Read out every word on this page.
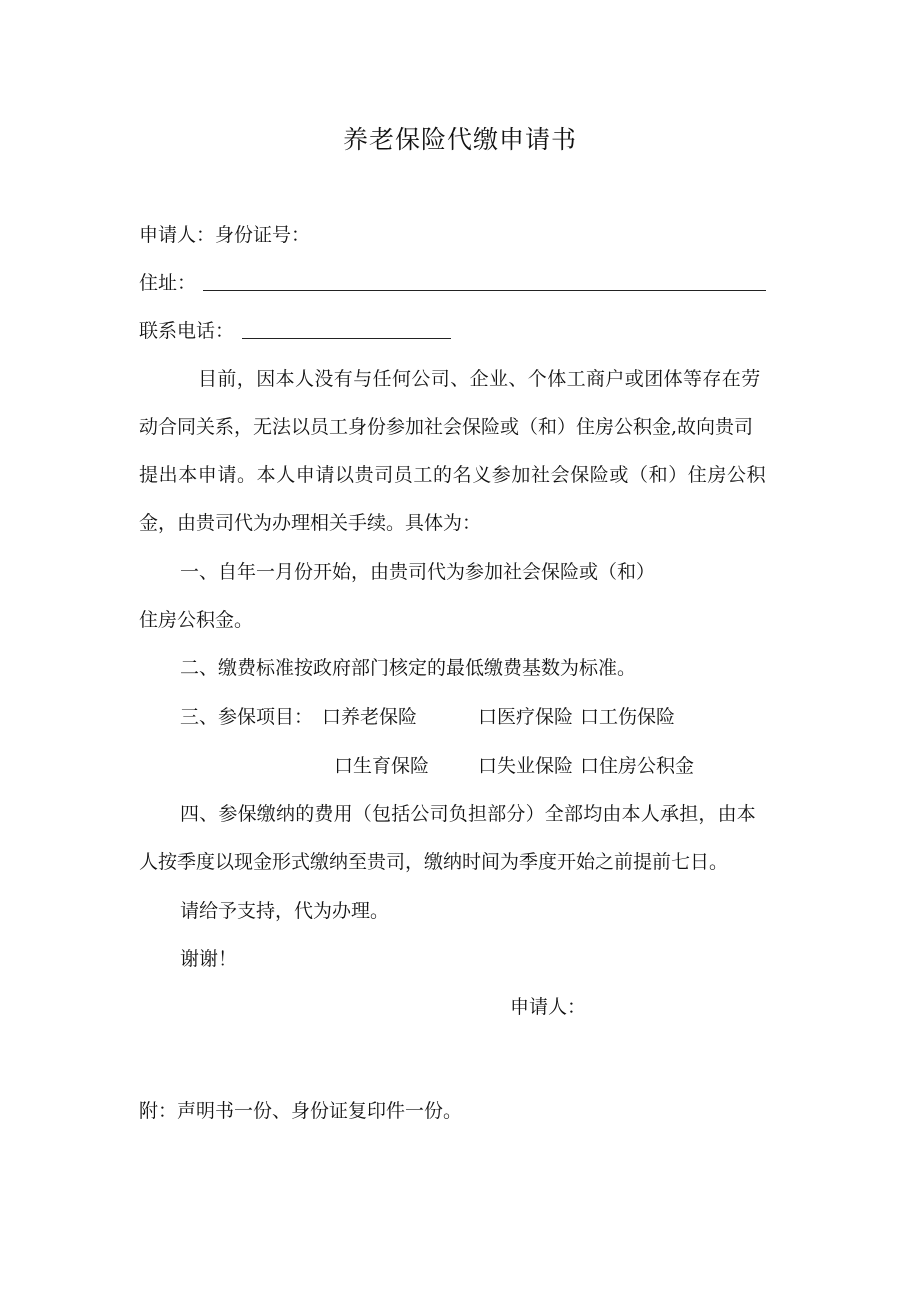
养老保险代缴申请书
申请人：身份证号：
住址：
联系电话：
目前，因本人没有与任何公司、企业、个体工商户或团体等存在劳
动合同关系，无法以员工身份参加社会保险或（和）住房公积金,故向贵司
提出本申请。本人申请以贵司员工的名义参加社会保险或（和）住房公积
金，由贵司代为办理相关手续。具体为：
一、自年一月份开始，由贵司代为参加社会保险或（和）
住房公积金。
二、缴费标准按政府部门核定的最低缴费基数为标准。
三、参保项目： 口养老保险	口医疗保险 口工伤保险
口生育保险	口失业保险 口住房公积金
四、参保缴纳的费用（包括公司负担部分）全部均由本人承担，由本
人按季度以现金形式缴纳至贵司，缴纳时间为季度开始之前提前七日。
请给予支持，代为办理。
谢谢！
申请人：
附：声明书一份、身份证复印件一份。
